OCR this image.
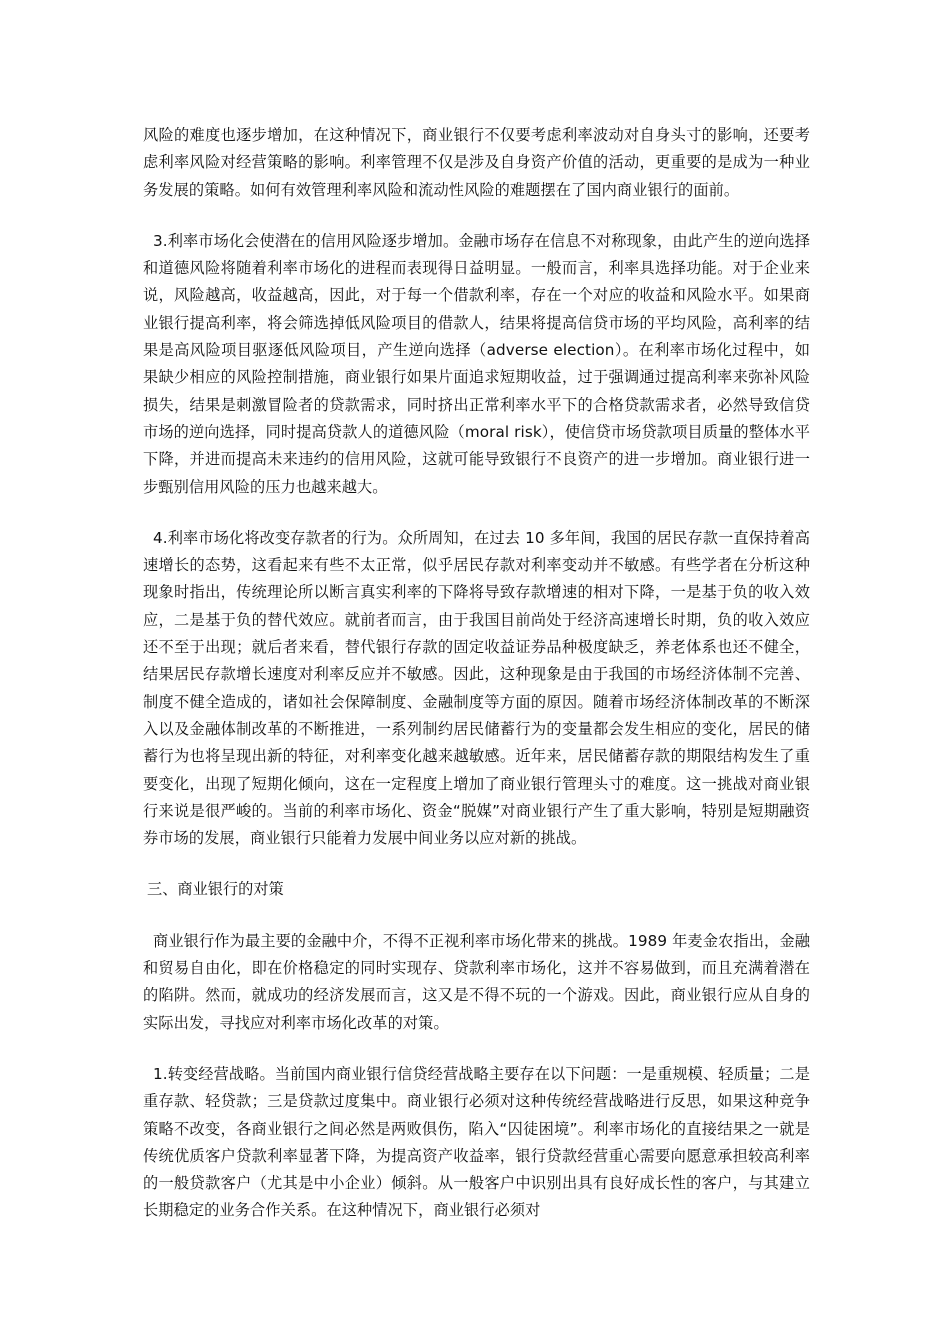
风险的难度也逐步增加，在这种情况下，商业银行不仅要考虑利率波动对自身头寸的影响，还要考虑利率风险对经营策略的影响。利率管理不仅是涉及自身资产价值的活动，更重要的是成为一种业务发展的策略。如何有效管理利率风险和流动性风险的难题摆在了国内商业银行的面前。

3.利率市场化会使潜在的信用风险逐步增加。金融市场存在信息不对称现象，由此产生的逆向选择和道德风险将随着利率市场化的进程而表现得日益明显。一般而言，利率具选择功能。对于企业来说，风险越高，收益越高，因此，对于每一个借款利率，存在一个对应的收益和风险水平。如果商业银行提高利率，将会筛选掉低风险项目的借款人，结果将提高信贷市场的平均风险，高利率的结果是高风险项目驱逐低风险项目，产生逆向选择（adverse election）。在利率市场化过程中，如果缺少相应的风险控制措施，商业银行如果片面追求短期收益，过于强调通过提高利率来弥补风险损失，结果是刺激冒险者的贷款需求，同时挤出正常利率水平下的合格贷款需求者，必然导致信贷市场的逆向选择，同时提高贷款人的道德风险（moral risk），使信贷市场贷款项目质量的整体水平下降，并进而提高未来违约的信用风险，这就可能导致银行不良资产的进一步增加。商业银行进一步甄别信用风险的压力也越来越大。

4.利率市场化将改变存款者的行为。众所周知，在过去 10 多年间，我国的居民存款一直保持着高速增长的态势，这看起来有些不太正常，似乎居民存款对利率变动并不敏感。有些学者在分析这种现象时指出，传统理论所以断言真实利率的下降将导致存款增速的相对下降，一是基于负的收入效应，二是基于负的替代效应。就前者而言，由于我国目前尚处于经济高速增长时期，负的收入效应还不至于出现；就后者来看，替代银行存款的固定收益证券品种极度缺乏，养老体系也还不健全，结果居民存款增长速度对利率反应并不敏感。因此，这种现象是由于我国的市场经济体制不完善、制度不健全造成的，诸如社会保障制度、金融制度等方面的原因。随着市场经济体制改革的不断深入以及金融体制改革的不断推进，一系列制约居民储蓄行为的变量都会发生相应的变化，居民的储蓄行为也将呈现出新的特征，对利率变化越来越敏感。近年来，居民储蓄存款的期限结构发生了重要变化，出现了短期化倾向，这在一定程度上增加了商业银行管理头寸的难度。这一挑战对商业银行来说是很严峻的。当前的利率市场化、资金“脱媒”对商业银行产生了重大影响，特别是短期融资券市场的发展，商业银行只能着力发展中间业务以应对新的挑战。

三、商业银行的对策

商业银行作为最主要的金融中介，不得不正视利率市场化带来的挑战。1989 年麦金农指出，金融和贸易自由化，即在价格稳定的同时实现存、贷款利率市场化，这并不容易做到，而且充满着潜在的陷阱。然而，就成功的经济发展而言，这又是不得不玩的一个游戏。因此，商业银行应从自身的实际出发，寻找应对利率市场化改革的对策。

1.转变经营战略。当前国内商业银行信贷经营战略主要存在以下问题：一是重规模、轻质量；二是重存款、轻贷款；三是贷款过度集中。商业银行必须对这种传统经营战略进行反思，如果这种竞争策略不改变，各商业银行之间必然是两败俱伤，陷入“囚徒困境”。利率市场化的直接结果之一就是传统优质客户贷款利率显著下降，为提高资产收益率，银行贷款经营重心需要向愿意承担较高利率的一般贷款客户（尤其是中小企业）倾斜。从一般客户中识别出具有良好成长性的客户，与其建立长期稳定的业务合作关系。在这种情况下，商业银行必须对
